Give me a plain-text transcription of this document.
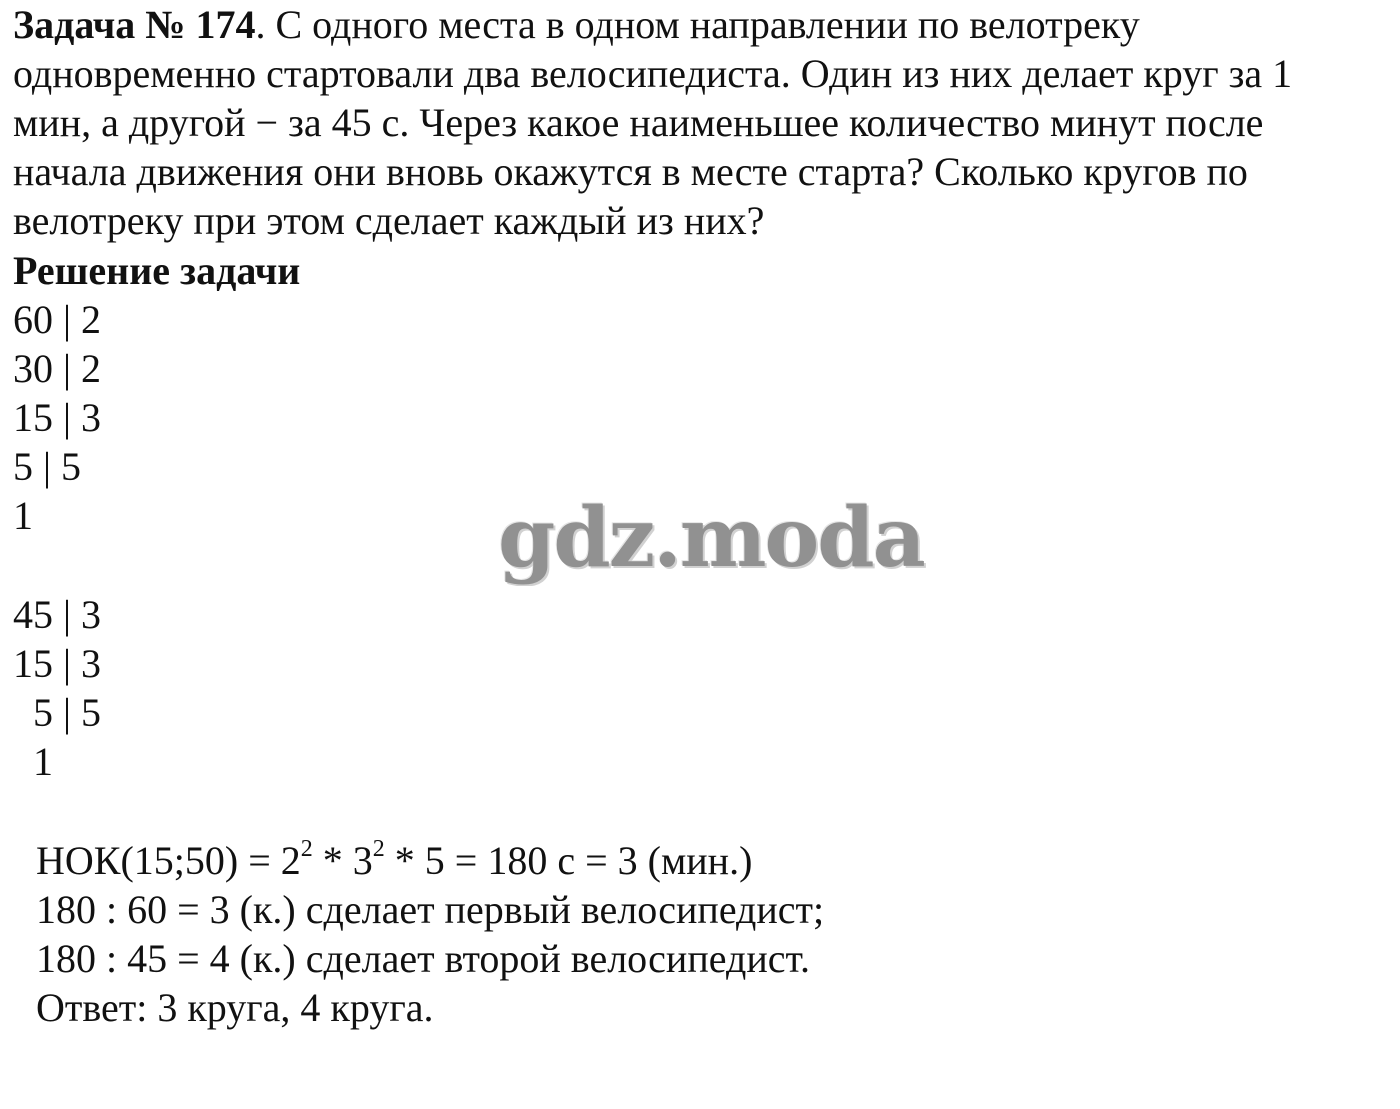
Задача № 174. С одного места в одном направлении по велотреку
одновременно стартовали два велосипедиста. Один из них делает круг за 1
мин, а другой − за 45 с. Через какое наименьшее количество минут после
начала движения они вновь окажутся в месте старта? Сколько кругов по
велотреку при этом сделает каждый из них?
Решение задачи
60 | 2
30 | 2
15 | 3
5 | 5
1
45 | 3
15 | 3
5 | 5
1
НОК(15;50) = $2^2 * 3^2 * 5 = 180$ с = 3 (мин.)
180 : 60 = 3 (к.) сделает первый велосипедист;
180 : 45 = 4 (к.) сделает второй велосипедист.
Ответ: 3 круга, 4 круга.
gdz.moda
